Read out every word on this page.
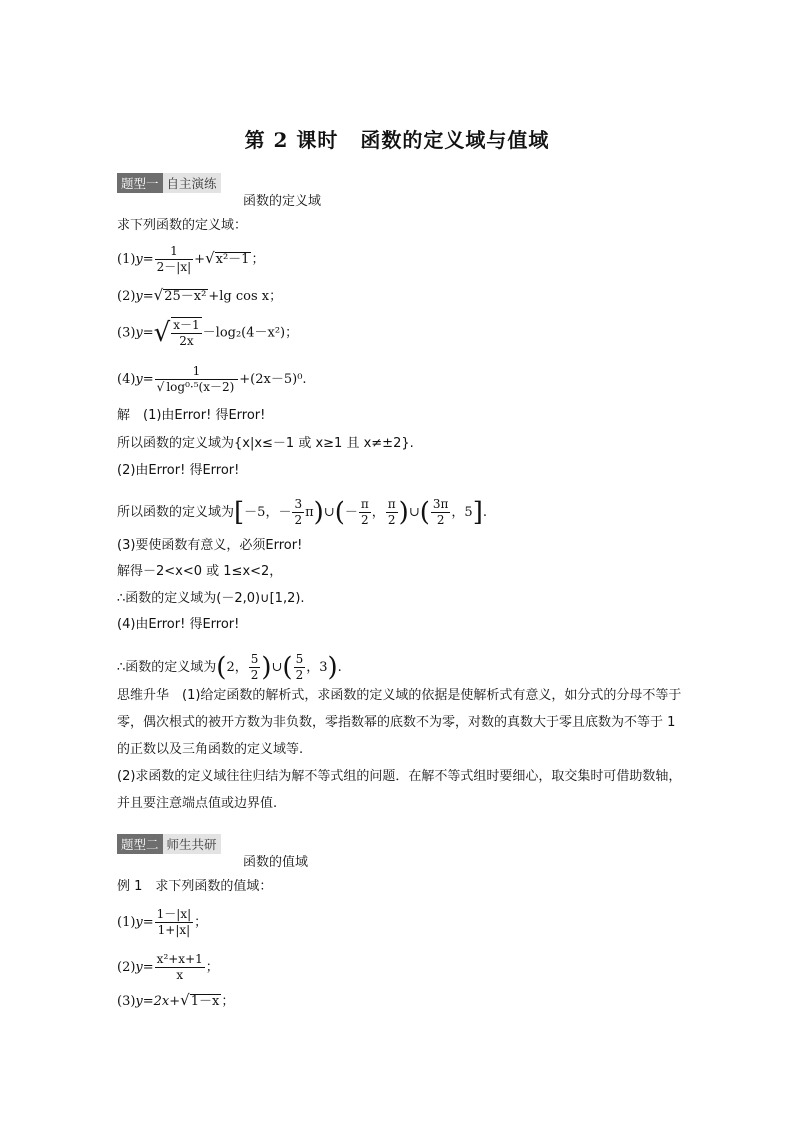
第 2 课时 函数的定义域与值域
题型一 自主演练
函数的定义域
求下列函数的定义域：
$(1)y= \frac{1}{2-|x|} +√x^2-1$ ；
(2)y=√25－x² +lg cos x；
$(3)y=√ \frac{x-1}{2x} -\log_2(4-x^2)$；
$(4)y= \frac{1}{\text{√ log⁰·⁵(x－2)}} +(2x-5)^0$.
解　(1)由Error! 得Error!
所以函数的定义域为{x|x≤－1 或 x≥1 且 x≠±2}.
(2)由Error! 得Error!
所以函数的定义域为[－5，－ $\frac{3}{2}$ π)∪(－ $\frac{\pi}{2}$ ， $\frac{\pi}{2}$ )∪( $\frac{3\pi}{2}$ ，5].
(3)要使函数有意义，必须Error!
解得－2<x<0 或 1≤x<2，
∴函数的定义域为(－2,0)∪[1,2).
(4)由Error! 得Error!
∴函数的定义域为(2， $\frac{5}{2}$ )∪( $\frac{5}{2}$ ，3).
思维升华　(1)给定函数的解析式，求函数的定义域的依据是使解析式有意义，如分式的分母不等于零，偶次根式的被开方数为非负数，零指数幂的底数不为零，对数的真数大于零且底数为不等于 1 的正数以及三角函数的定义域等.
(2)求函数的定义域往往归结为解不等式组的问题．在解不等式组时要细心，取交集时可借助数轴，并且要注意端点值或边界值.
题型二 师生共研
函数的值域
例 1　求下列函数的值域：
$(1)y= \frac{1-|x|}{1+|x|}$ ；
$(2)y= \frac{\text{x²+x+1}}{x}$ ；
(3)y=2x+√1－x ；
